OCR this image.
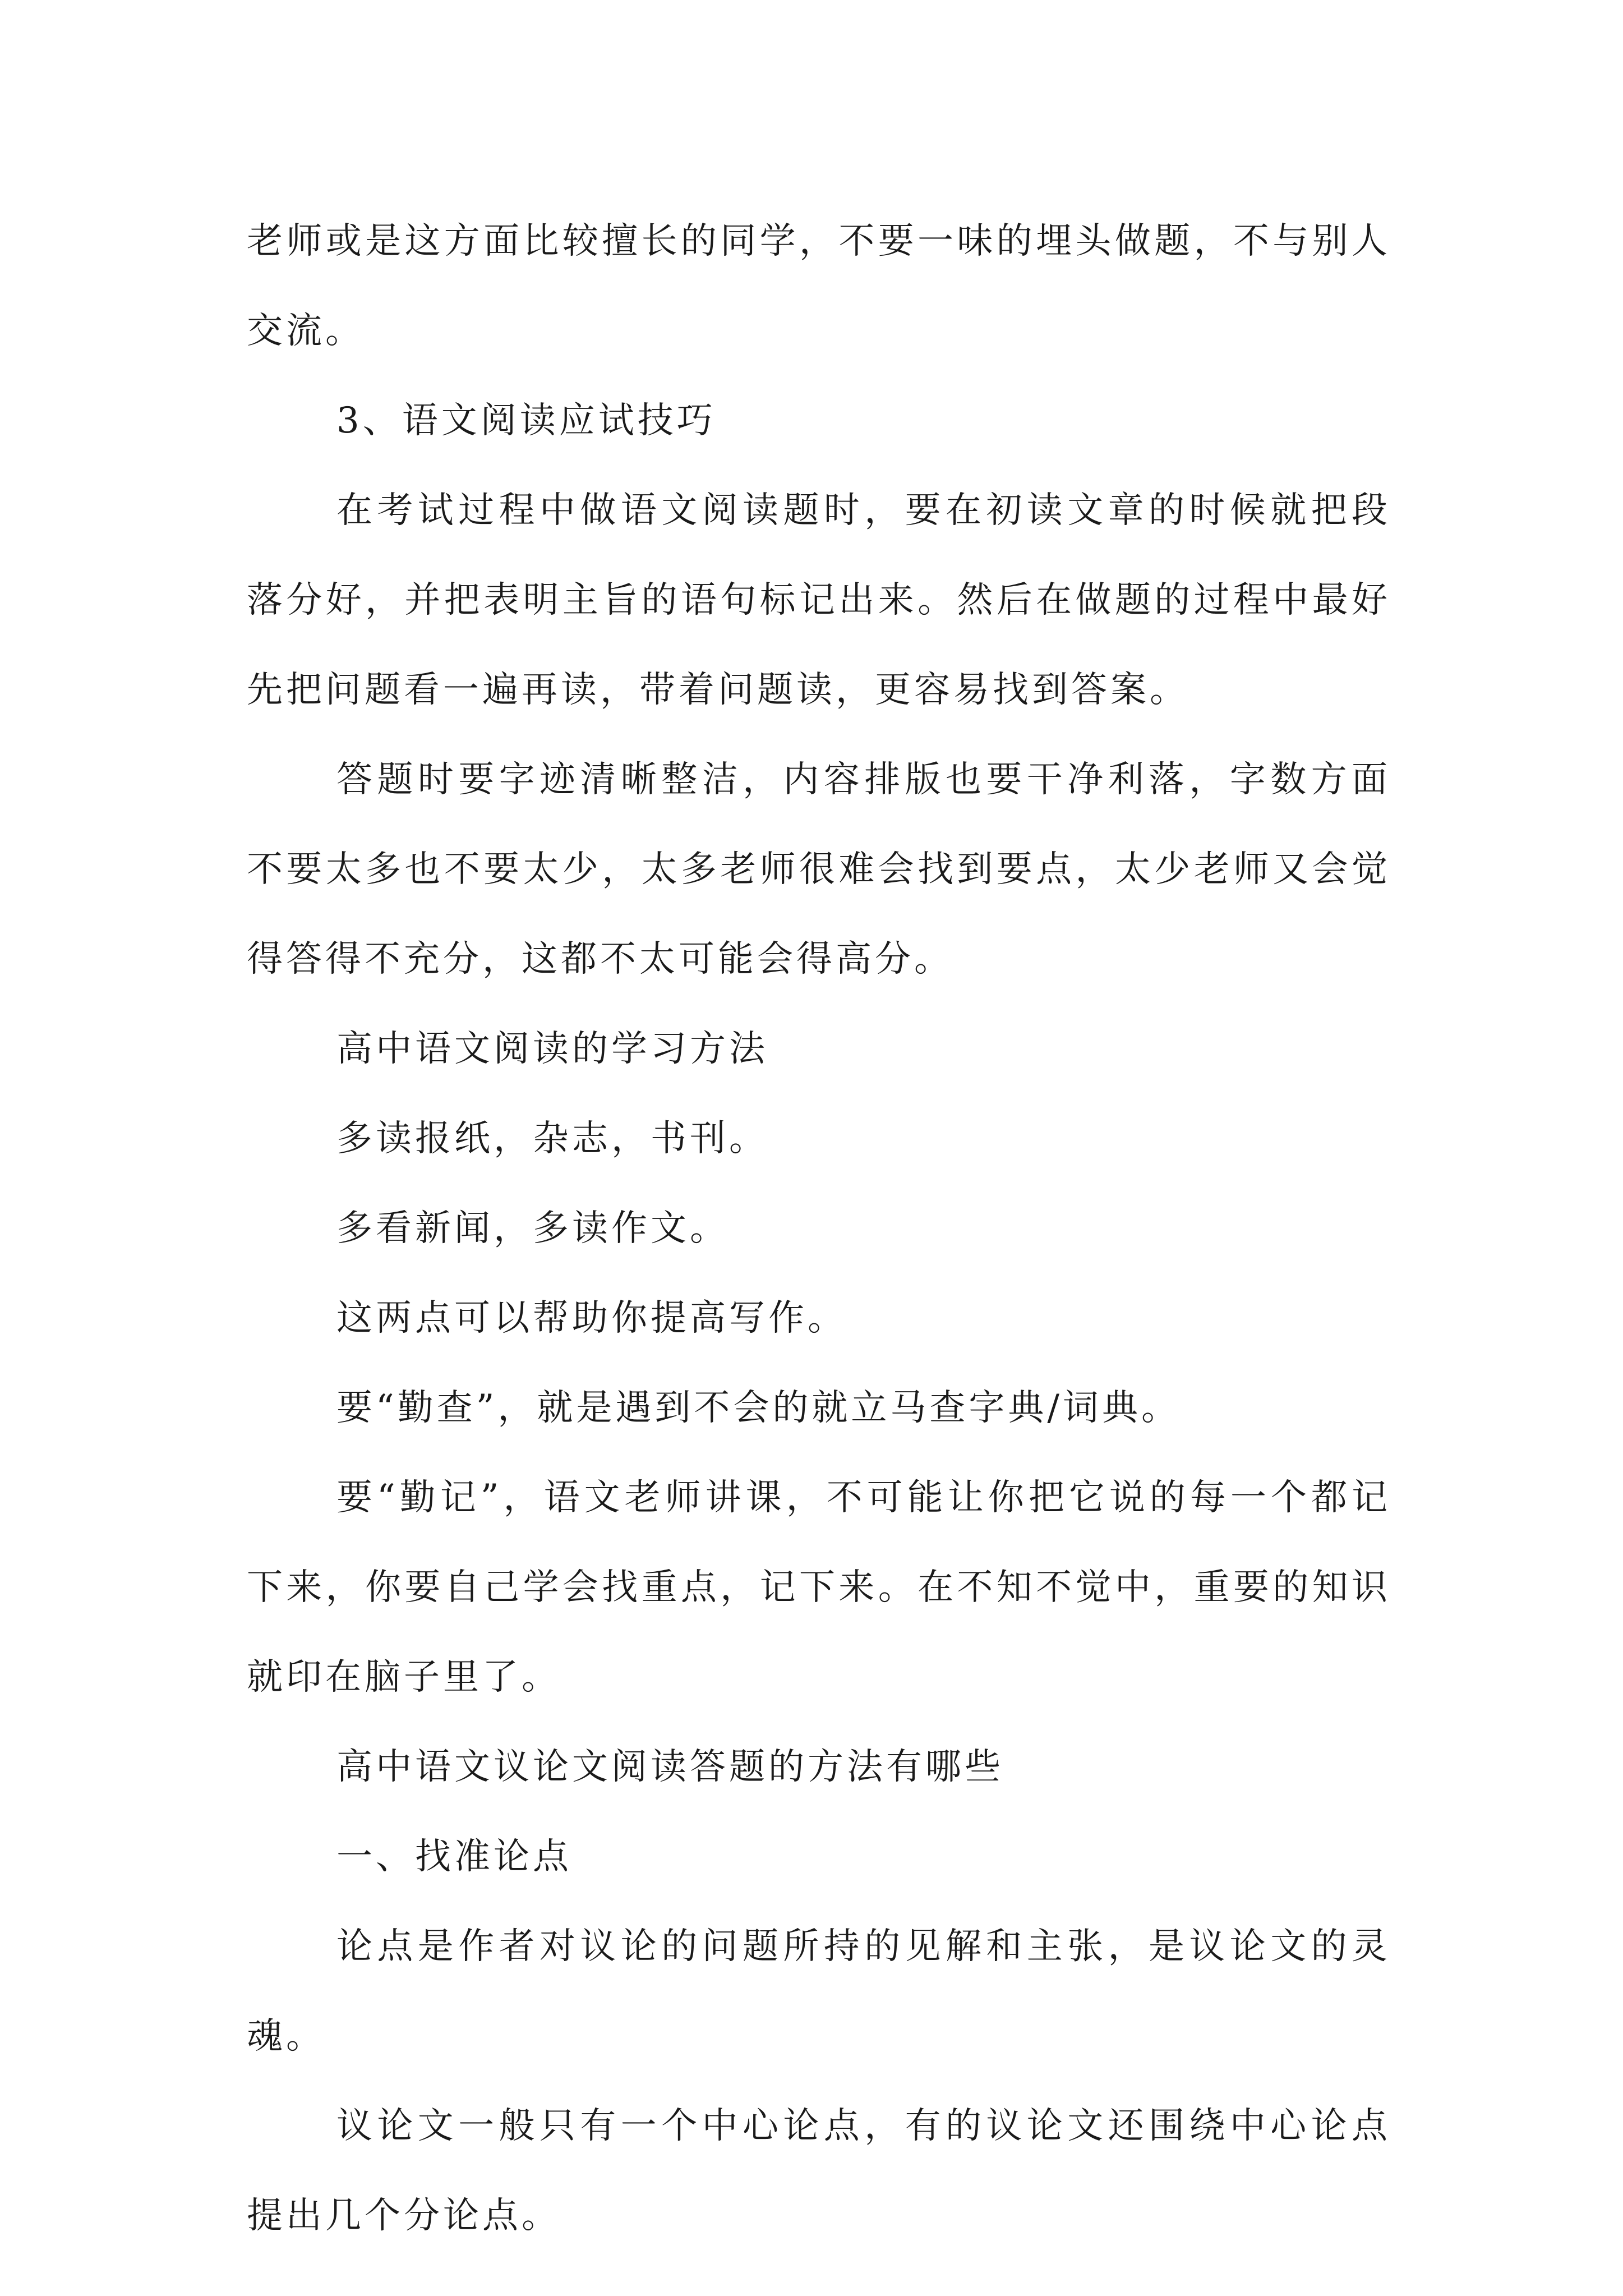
老师或是这方面比较擅长的同学，不要一味的埋头做题，不与别人交流。

3、语文阅读应试技巧

在考试过程中做语文阅读题时，要在初读文章的时候就把段落分好，并把表明主旨的语句标记出来。然后在做题的过程中最好先把问题看一遍再读，带着问题读，更容易找到答案。

答题时要字迹清晰整洁，内容排版也要干净利落，字数方面不要太多也不要太少，太多老师很难会找到要点，太少老师又会觉得答得不充分，这都不太可能会得高分。

高中语文阅读的学习方法

多读报纸，杂志，书刊。

多看新闻，多读作文。

这两点可以帮助你提高写作。

要“勤查”，就是遇到不会的就立马查字典/词典。

要“勤记”，语文老师讲课，不可能让你把它说的每一个都记下来，你要自己学会找重点，记下来。在不知不觉中，重要的知识就印在脑子里了。

高中语文议论文阅读答题的方法有哪些

一、找准论点

论点是作者对议论的问题所持的见解和主张，是议论文的灵魂。

议论文一般只有一个中心论点，有的议论文还围绕中心论点提出几个分论点。
